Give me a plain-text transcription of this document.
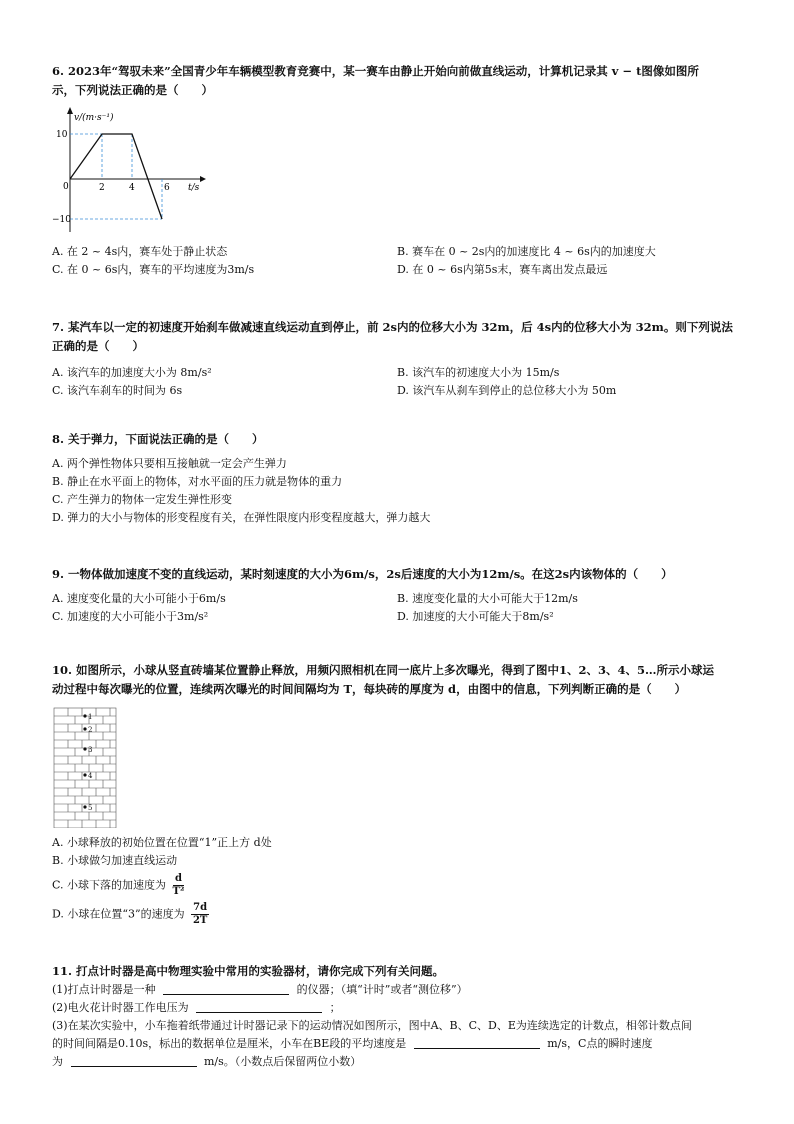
6. 2023年“驾驭未来”全国青少年车辆模型教育竞赛中，某一赛车由静止开始向前做直线运动，计算机记录其 v − t图像如图所
示，下列说法正确的是（　　）
v/(m·s⁻¹)
t/s
0
10
−10
2	4	6
A. 在 2 ~ 4s内，赛车处于静止状态	B. 赛车在 0 ~ 2s内的加速度比 4 ~ 6s内的加速度大
C. 在 0 ~ 6s内，赛车的平均速度为3m/s	D. 在 0 ~ 6s内第5s末，赛车离出发点最远
7. 某汽车以一定的初速度开始刹车做减速直线运动直到停止，前 2s内的位移大小为 32m，后 4s内的位移大小为 32m。则下列说法
正确的是（　　）
A. 该汽车的加速度大小为 8m/s²	B. 该汽车的初速度大小为 15m/s
C. 该汽车刹车的时间为 6s	D. 该汽车从刹车到停止的总位移大小为 50m
8. 关于弹力，下面说法正确的是（　　）
A. 两个弹性物体只要相互接触就一定会产生弹力
B. 静止在水平面上的物体，对水平面的压力就是物体的重力
C. 产生弹力的物体一定发生弹性形变
D. 弹力的大小与物体的形变程度有关，在弹性限度内形变程度越大，弹力越大
9. 一物体做加速度不变的直线运动，某时刻速度的大小为6m/s，2s后速度的大小为12m/s。在这2s内该物体的（　　）
A. 速度变化量的大小可能小于6m/s	B. 速度变化量的大小可能大于12m/s
C. 加速度的大小可能小于3m/s²	D. 加速度的大小可能大于8m/s²
10. 如图所示，小球从竖直砖墙某位置静止释放，用频闪照相机在同一底片上多次曝光，得到了图中1、2、3、4、5…所示小球运
动过程中每次曝光的位置，连续两次曝光的时间间隔均为 T，每块砖的厚度为 d，由图中的信息，下列判断正确的是（　　）
1
2
3
4
5
A. 小球释放的初始位置在位置“1”正上方 d处
B. 小球做匀加速直线运动
C. 小球下落的加速度为 $\frac{d}{\text{T²}}$
D. 小球在位置“3”的速度为 $\frac{7d}{2T}$
11. 打点计时器是高中物理实验中常用的实验器材，请你完成下列有关问题。
(1)打点计时器是一种	的仪器；（填“计时”或者“测位移”）
(2)电火花计时器工作电压为	；
(3)在某次实验中，小车拖着纸带通过计时器记录下的运动情况如图所示，图中A、B、C、D、E为连续选定的计数点，相邻计数点间
的时间间隔是0.10s，标出的数据单位是厘米，小车在BE段的平均速度是	m/s，C点的瞬时速度
为	m/s。（小数点后保留两位小数）
